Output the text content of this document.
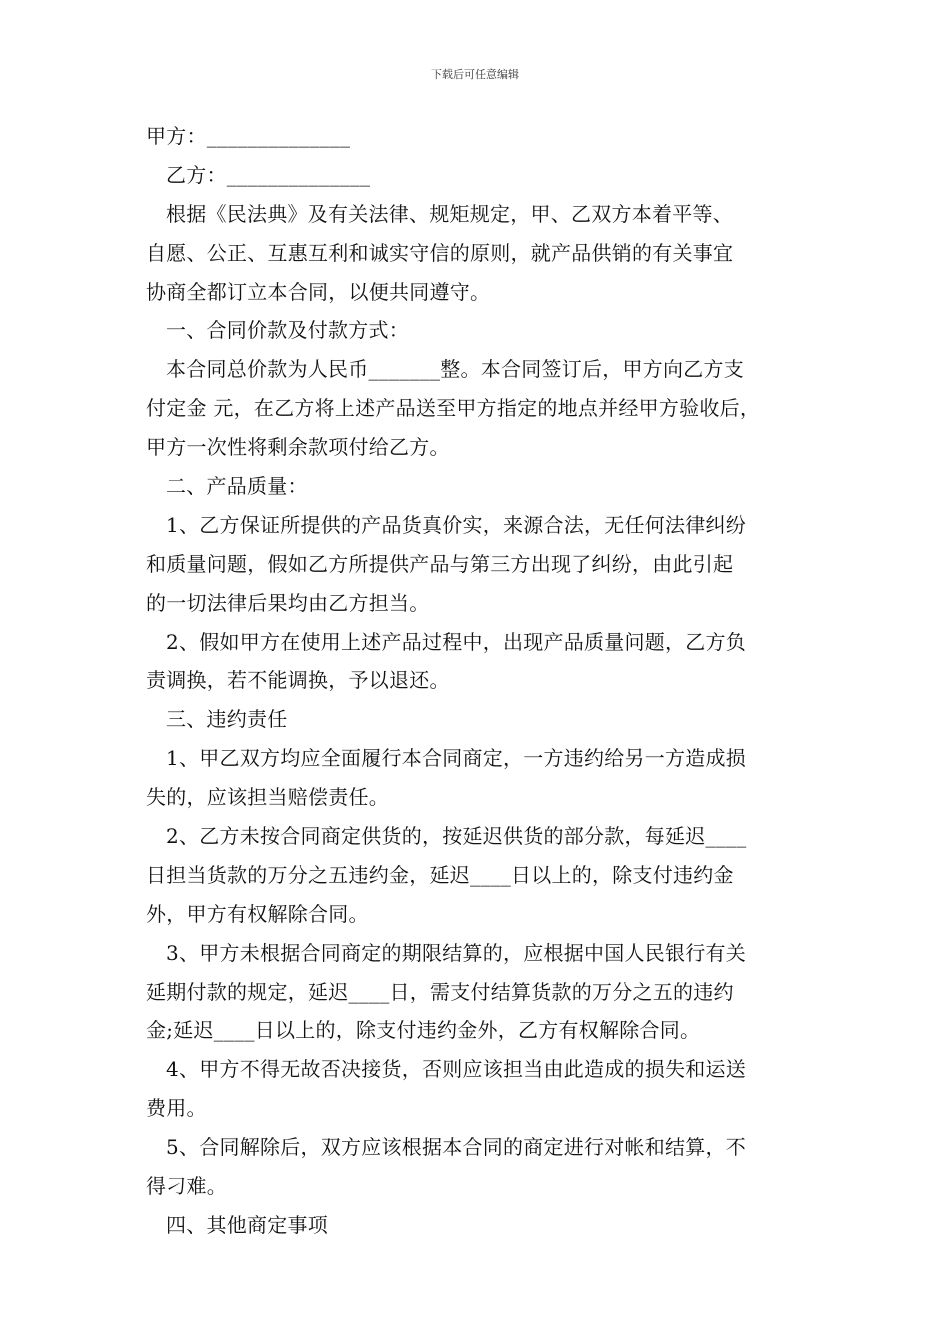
下载后可任意编辑
甲方：______________
乙方：______________
根据《民法典》及有关法律、规矩规定，甲、乙双方本着平等、
自愿、公正、互惠互利和诚实守信的原则，就产品供销的有关事宜
协商全都订立本合同，以便共同遵守。
一、合同价款及付款方式：
本合同总价款为人民币_______整。本合同签订后，甲方向乙方支
付定金 元，在乙方将上述产品送至甲方指定的地点并经甲方验收后，
甲方一次性将剩余款项付给乙方。
二、产品质量：
1、乙方保证所提供的产品货真价实，来源合法，无任何法律纠纷
和质量问题，假如乙方所提供产品与第三方出现了纠纷，由此引起
的一切法律后果均由乙方担当。
2、假如甲方在使用上述产品过程中，出现产品质量问题，乙方负
责调换，若不能调换，予以退还。
三、违约责任
1、甲乙双方均应全面履行本合同商定，一方违约给另一方造成损
失的，应该担当赔偿责任。
2、乙方未按合同商定供货的，按延迟供货的部分款，每延迟____
日担当货款的万分之五违约金，延迟____日以上的，除支付违约金
外，甲方有权解除合同。
3、甲方未根据合同商定的期限结算的，应根据中国人民银行有关
延期付款的规定，延迟____日，需支付结算货款的万分之五的违约
金;延迟____日以上的，除支付违约金外，乙方有权解除合同。
4、甲方不得无故否决接货，否则应该担当由此造成的损失和运送
费用。
5、合同解除后，双方应该根据本合同的商定进行对帐和结算，不
得刁难。
四、其他商定事项
